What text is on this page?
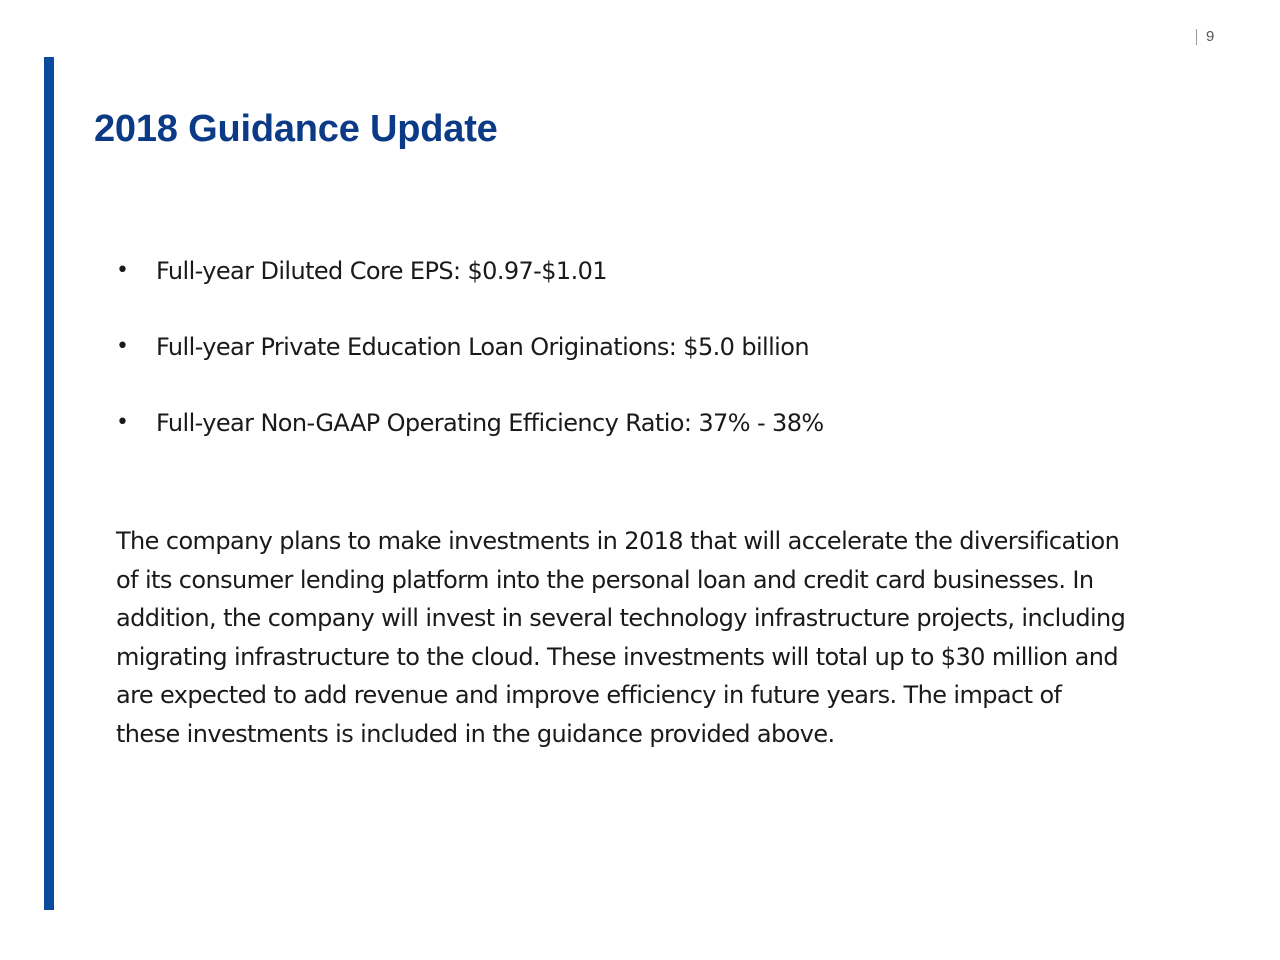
9
2018 Guidance Update
• Full-year Diluted Core EPS: $0.97-$1.01
• Full-year Private Education Loan Originations: $5.0 billion
• Full-year Non-GAAP Operating Efficiency Ratio: 37% - 38%

The company plans to make investments in 2018 that will accelerate the diversification of its consumer lending platform into the personal loan and credit card businesses. In addition, the company will invest in several technology infrastructure projects, including migrating infrastructure to the cloud. These investments will total up to $30 million and are expected to add revenue and improve efficiency in future years. The impact of these investments is included in the guidance provided above.
